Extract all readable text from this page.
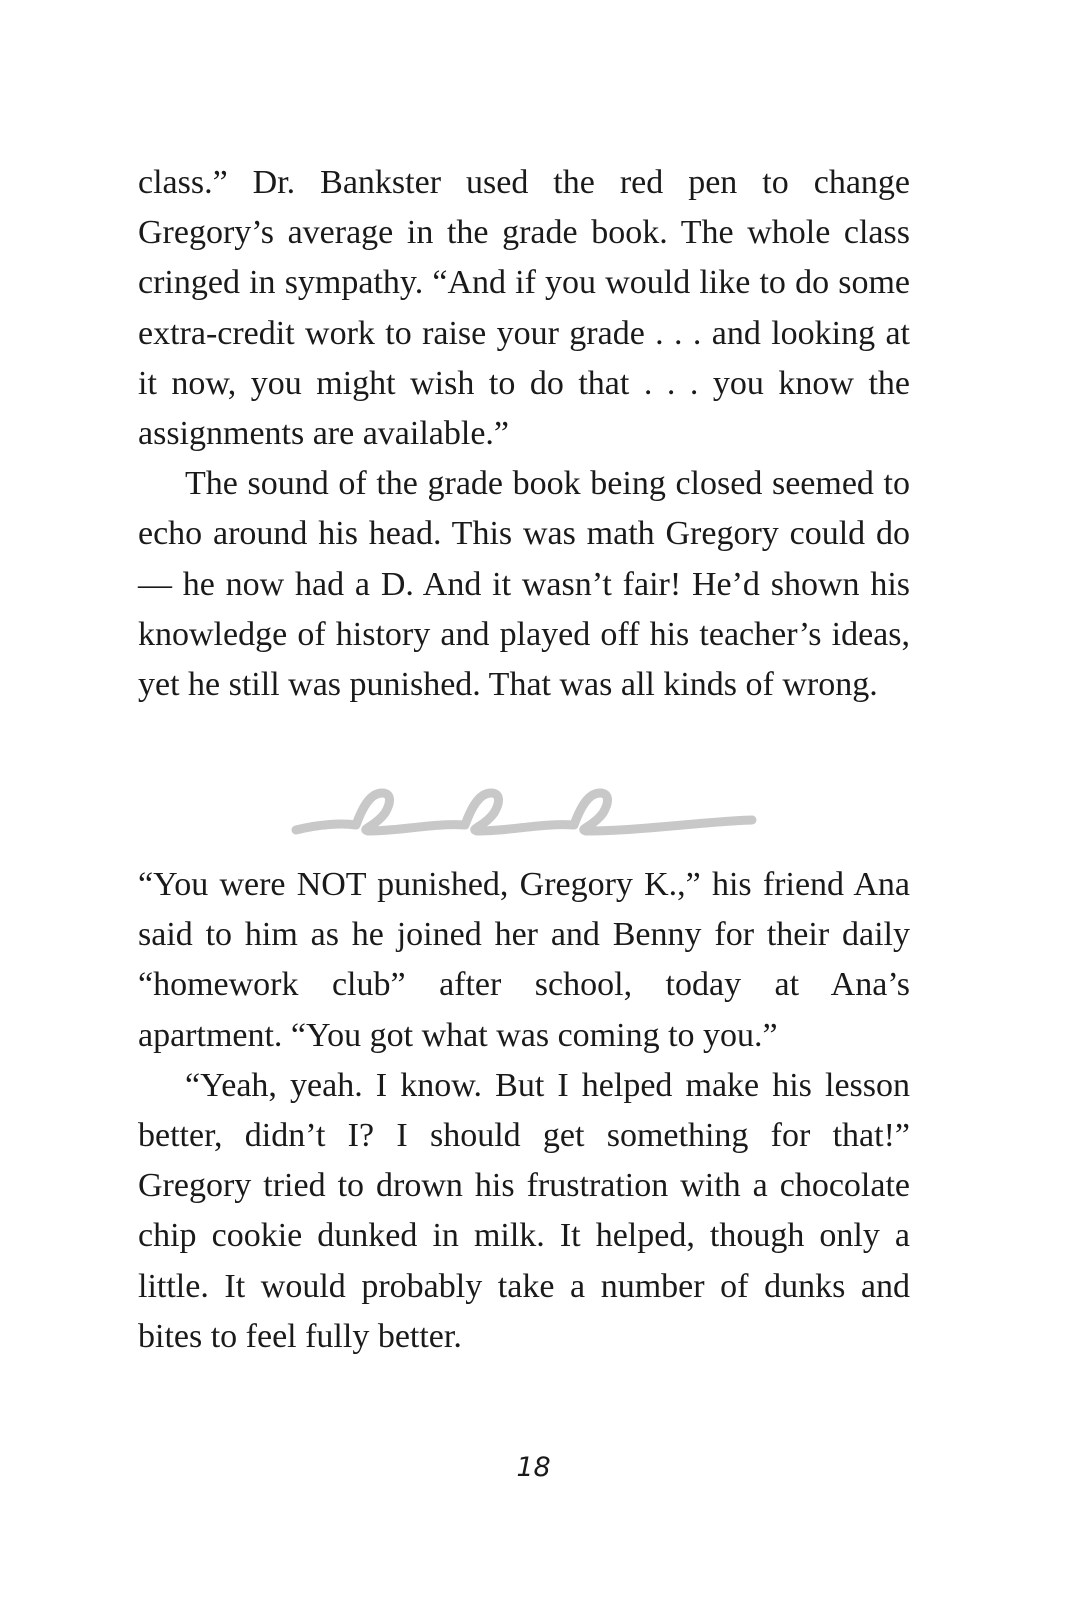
class.” Dr. Bankster used the red pen to change Gregory’s average in the grade book. The whole class cringed in sympathy. “And if you would like to do some extra-credit work to raise your grade . . . and looking at it now, you might wish to do that . . . you know the assignments are available.”

The sound of the grade book being closed seemed to echo around his head. This was math Gregory could do — he now had a D. And it wasn’t fair! He’d shown his knowledge of history and played off his teacher’s ideas, yet he still was punished. That was all kinds of wrong.

“You were NOT punished, Gregory K.,” his friend Ana said to him as he joined her and Benny for their daily “homework club” after school, today at Ana’s apartment. “You got what was coming to you.”

“Yeah, yeah. I know. But I helped make his lesson better, didn’t I? I should get something for that!” Gregory tried to drown his frustration with a chocolate chip cookie dunked in milk. It helped, though only a little. It would probably take a number of dunks and bites to feel fully better.

18
